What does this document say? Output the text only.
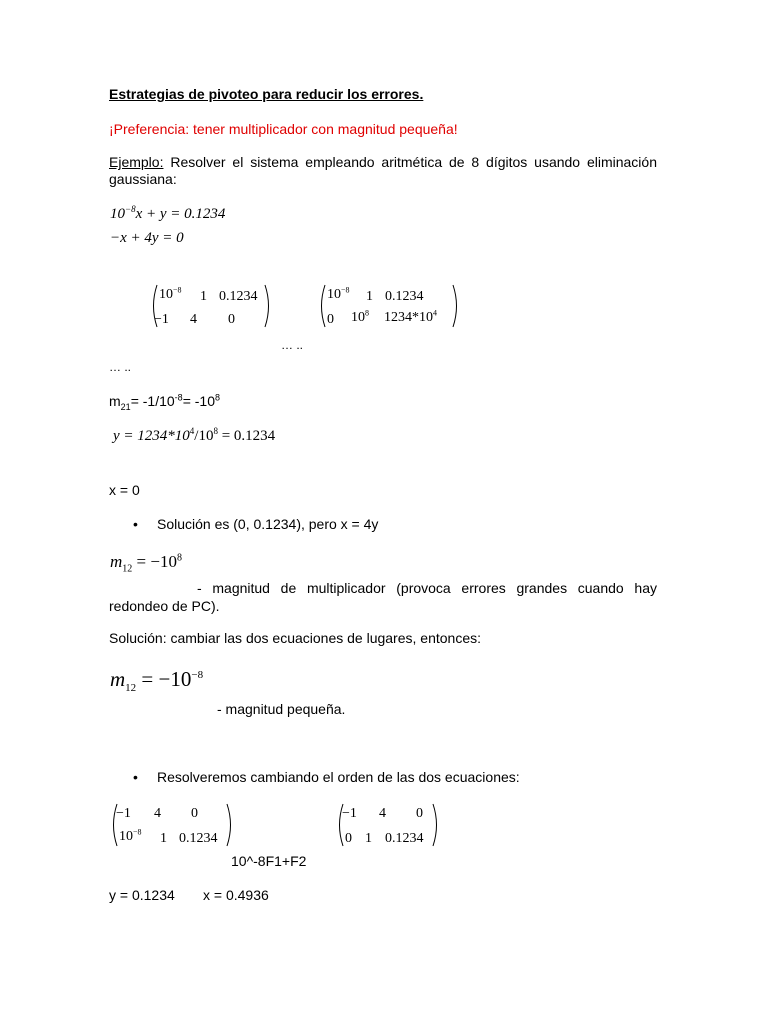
Estrategias de pivoteo para reducir los errores.
¡Preferencia: tener multiplicador con magnitud pequeña!
Ejemplo: Resolver el sistema empleando aritmética de 8 dígitos usando eliminación gaussiana:
$10^{-8}x + y = 0.1234$
−x + 4y = 0
$10^{-8}$ 1 0.1234
−1 4 0
$10^{-8}$ 1 0.1234
0 $10^8$ $1234*10^4$
… ..
… ..
$m_{21}= -1/10^{-8}= -10^8$
$y = 1234*10^4/10^8 = 0.1234$
x = 0
• Solución es (0, 0.1234), pero x = 4y
$m_{12} = -10^8$
- magnitud de multiplicador (provoca errores grandes cuando hay redondeo de PC).
Solución: cambiar las dos ecuaciones de lugares, entonces:
$m_{12} = -10^{-8}$
- magnitud pequeña.
• Resolveremos cambiando el orden de las dos ecuaciones:
−1 4 0
$10^{-8}$ 1 0.1234
−1 4 0
0 1 0.1234
10^-8F1+F2
y = 0.1234 x = 0.4936
